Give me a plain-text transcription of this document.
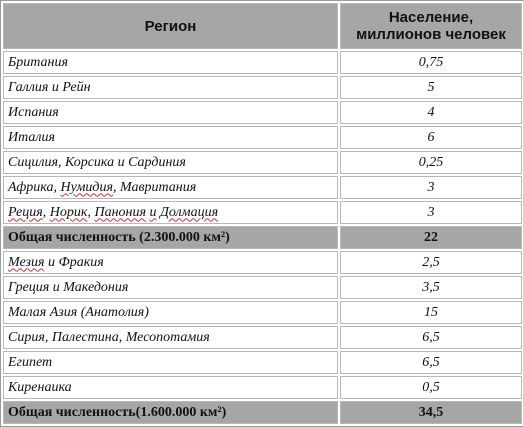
Регион	Население,
миллионов человек
Британия	0,75
Галлия и Рейн	5
Испания	4
Италия	6
Сицилия, Корсика и Сардиния	0,25
Африка, Нумидия, Мавритания	3
Реция, Норик, Панония и Долмация	3
Общая численность (2.300.000 км²)	22
Мезия и Фракия	2,5
Греция и Македония	3,5
Малая Азия (Анатолия)	15
Сирия, Палестина, Месопотамия	6,5
Египет	6,5
Киренаика	0,5
Общая численность(1.600.000 км²)	34,5
